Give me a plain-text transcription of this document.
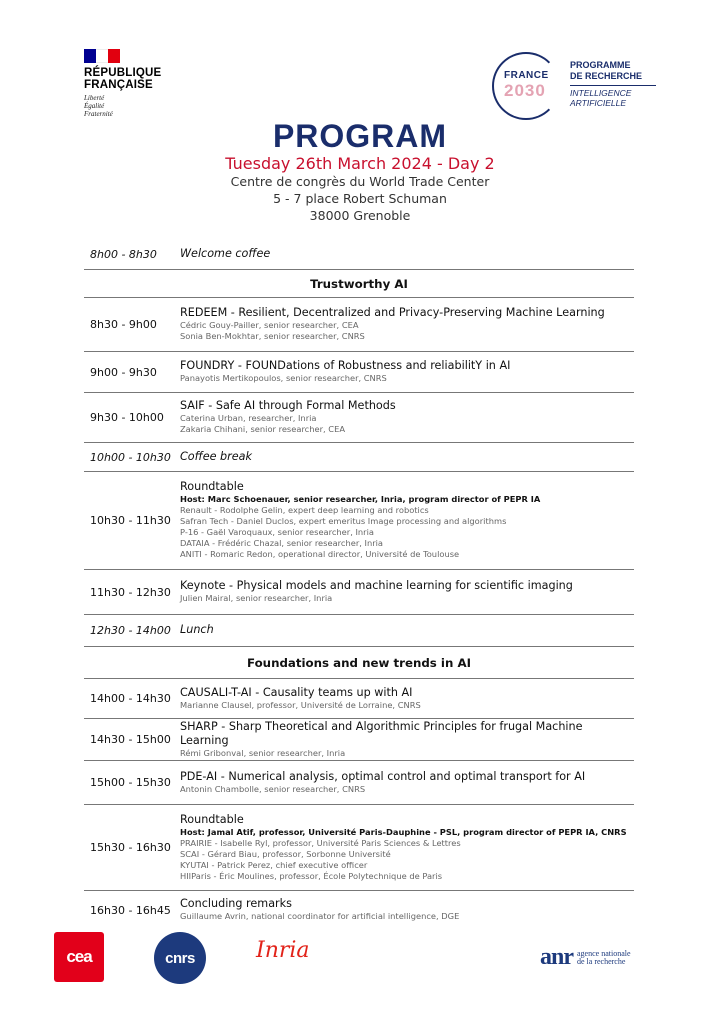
RÉPUBLIQUE
FRANÇAISE
Liberté
Égalité
Fraternité
FRANCE
2030
PROGRAMME
DE RECHERCHE
INTELLIGENCE
ARTIFICIELLE
PROGRAM
Tuesday 26th March 2024 - Day 2
Centre de congrès du World Trade Center
5 - 7 place Robert Schuman
38000 Grenoble
8h00 - 8h30	Welcome coffee
Trustworthy AI
8h30 - 9h00
REDEEM - Resilient, Decentralized and Privacy-Preserving Machine Learning
Cédric Gouy-Pailler, senior researcher, CEA
Sonia Ben-Mokhtar, senior researcher, CNRS
9h00 - 9h30	FOUNDRY - FOUNDations of Robustness and reliabilitY in AI
Panayotis Mertikopoulos, senior researcher, CNRS
9h30 - 10h00
SAIF - Safe AI through Formal Methods
Caterina Urban, researcher, Inria
Zakaria Chihani, senior researcher, CEA
10h00 - 10h30 Coffee break
10h30 - 11h30
Roundtable
Host: Marc Schoenauer, senior researcher, Inria, program director of PEPR IA
Renault - Rodolphe Gelin, expert deep learning and robotics
Safran Tech - Daniel Duclos, expert emeritus Image processing and algorithms
P-16 - Gaël Varoquaux, senior researcher, Inria
DATAIA - Frédéric Chazal, senior researcher, Inria
ANITI - Romaric Redon, operational director, Université de Toulouse
11h30 - 12h30 Keynote - Physical models and machine learning for scientific imaging
Julien Mairal, senior researcher, Inria
12h30 - 14h00 Lunch
Foundations and new trends in AI
14h00 - 14h30 CAUSALI-T-AI - Causality teams up with AI
Marianne Clausel, professor, Université de Lorraine, CNRS
14h30 - 15h00
SHARP - Sharp Theoretical and Algorithmic Principles for frugal Machine Learning
Rémi Gribonval, senior researcher, Inria
15h00 - 15h30 PDE-AI - Numerical analysis, optimal control and optimal transport for AI
Antonin Chambolle, senior researcher, CNRS
15h30 - 16h30
Roundtable
Host: Jamal Atif, professor, Université Paris-Dauphine - PSL, program director of PEPR IA, CNRS
PRAIRIE - Isabelle Ryl, professor, Université Paris Sciences & Lettres
SCAI - Gérard Biau, professor, Sorbonne Université
KYUTAI - Patrick Perez, chief executive officer
HIIParis - Éric Moulines, professor, École Polytechnique de Paris
16h30 - 16h45 Concluding remarks
Guillaume Avrin, national coordinator for artificial intelligence, DGE
cea	cnrs	Inria	anr agence nationale
de la recherche
